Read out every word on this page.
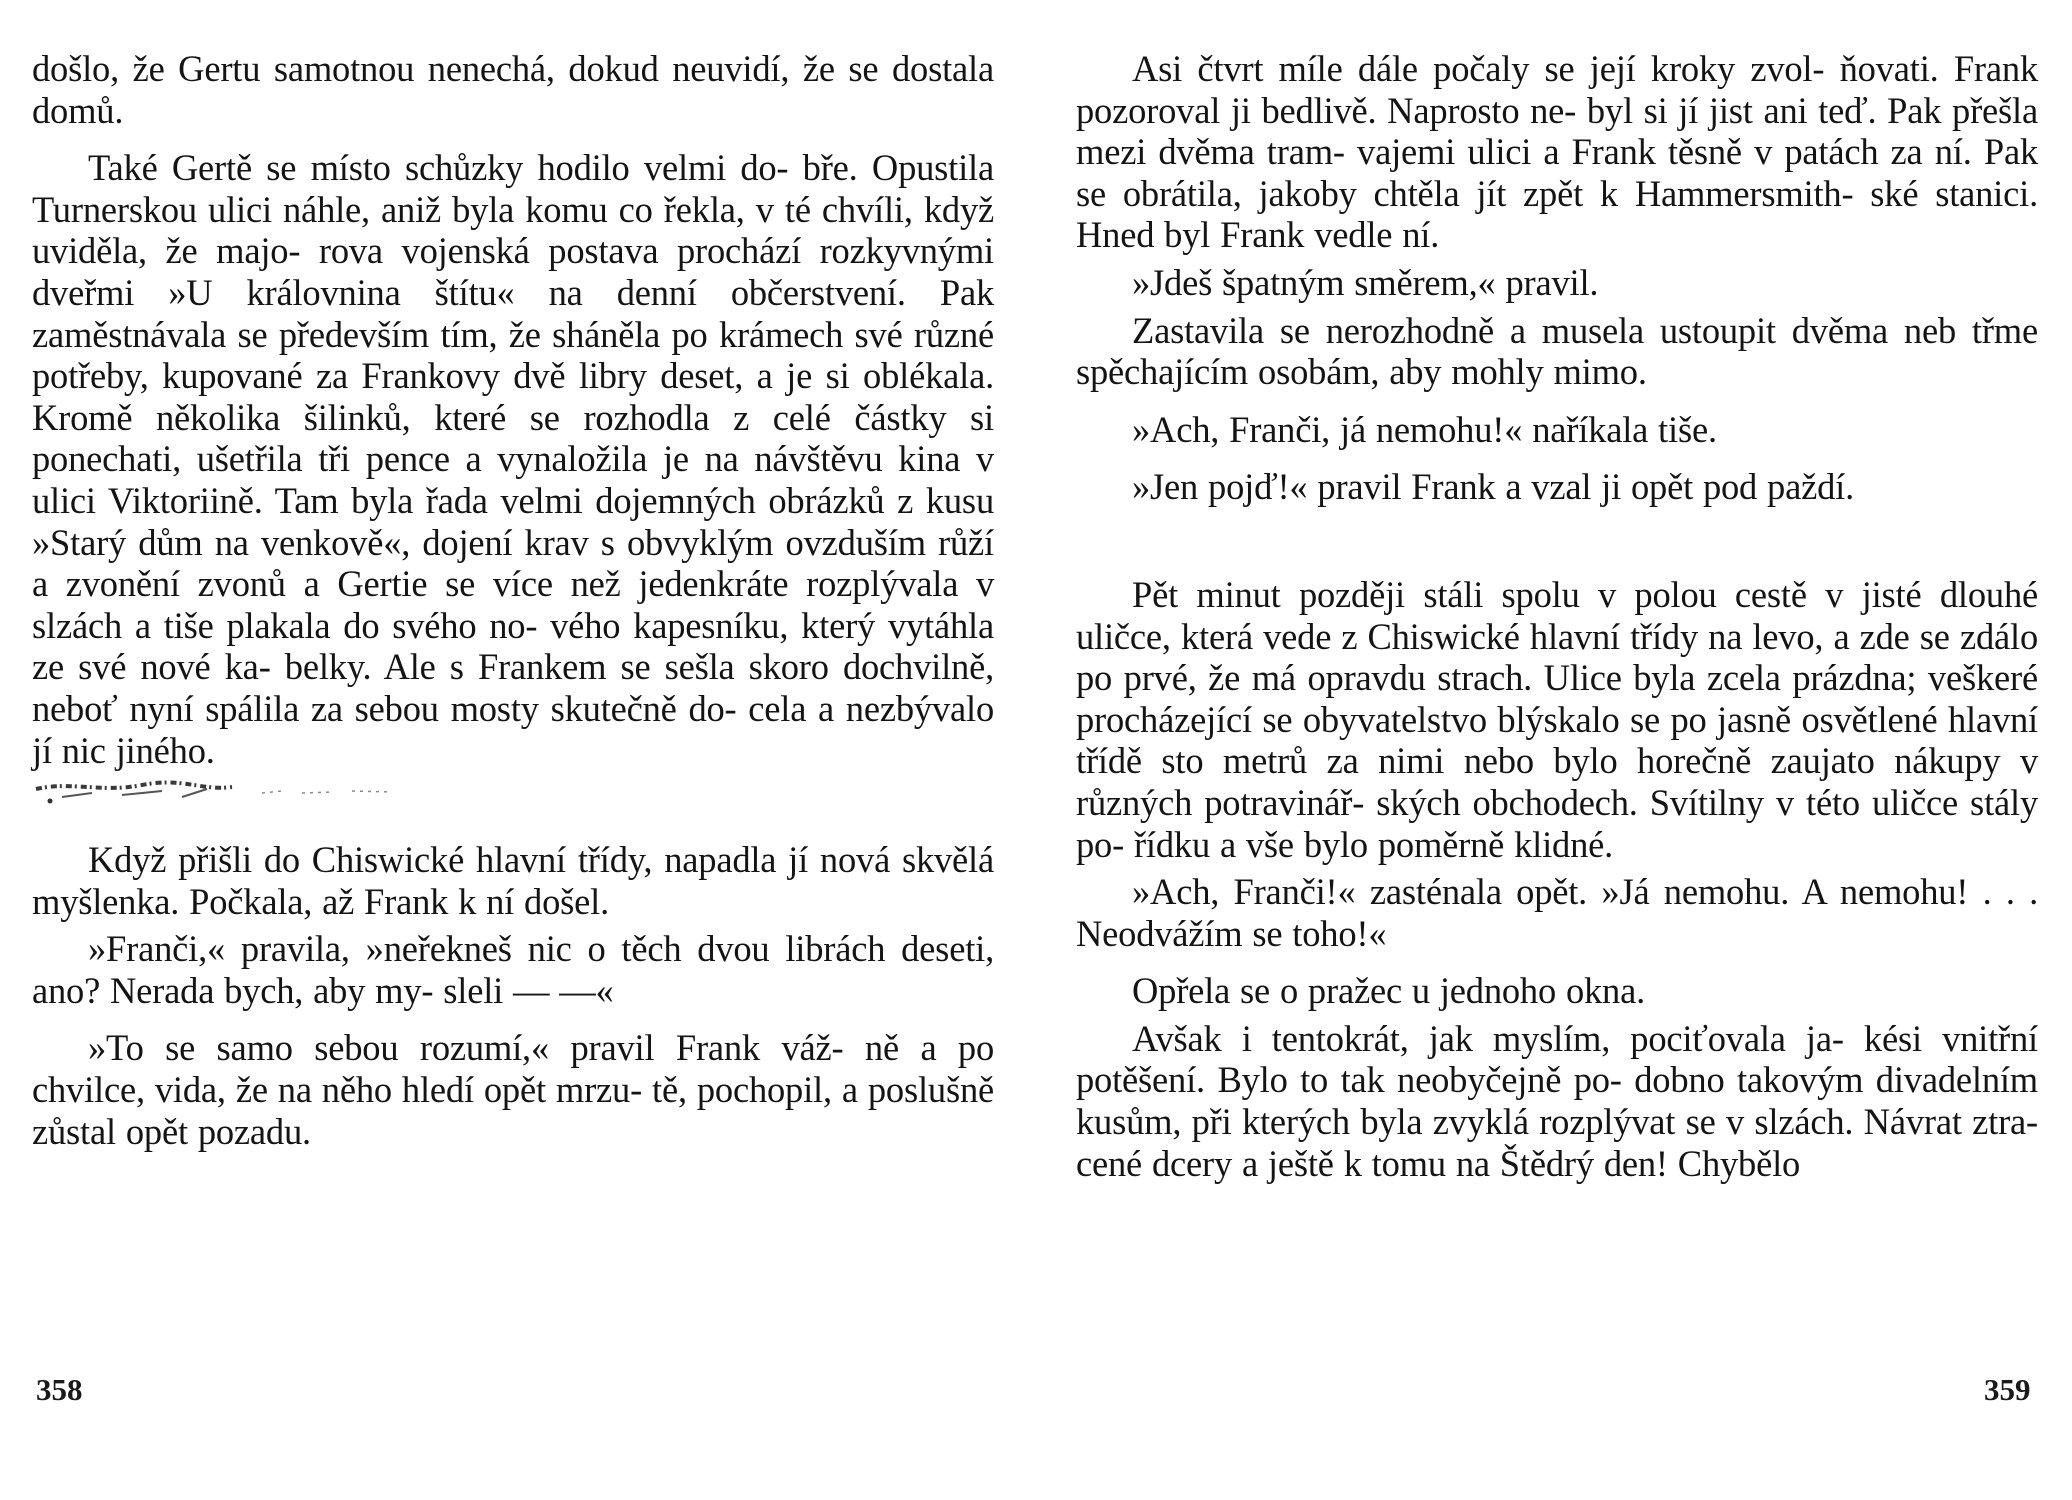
došlo, že Gertu samotnou nenechá, dokud neuvidí, že se dostala domů.

Také Gertě se místo schůzky hodilo velmi do- bře. Opustila Turnerskou ulici náhle, aniž byla komu co řekla, v té chvíli, když uviděla, že majo- rova vojenská postava prochází rozkyvnými dveřmi »U královnina štítu« na denní občerstvení. Pak zaměstnávala se především tím, že sháněla po krámech své různé potřeby, kupované za Frankovy dvě libry deset, a je si oblékala. Kromě několika šilinků, které se rozhodla z celé částky si ponechati, ušetřila tři pence a vynaložila je na návštěvu kina v ulici Viktoriině. Tam byla řada velmi dojemných obrázků z kusu »Starý dům na venkově«, dojení krav s obvyklým ovzduším růží a zvonění zvonů a Gertie se více než jedenkráte rozplývala v slzách a tiše plakala do svého no- vého kapesníku, který vytáhla ze své nové ka- belky. Ale s Frankem se sešla skoro dochvilně, neboť nyní spálila za sebou mosty skutečně do- cela a nezbývalo jí nic jiného.

Když přišli do Chiswické hlavní třídy, napadla jí nová skvělá myšlenka. Počkala, až Frank k ní došel.

»Franči,« pravila, »neřekneš nic o těch dvou librách deseti, ano? Nerada bych, aby my- sleli — —«

»To se samo sebou rozumí,« pravil Frank váž- ně a po chvilce, vida, že na něho hledí opět mrzu- tě, pochopil, a poslušně zůstal opět pozadu.

Asi čtvrt míle dále počaly se její kroky zvol- ňovati. Frank pozoroval ji bedlivě. Naprosto ne- byl si jí jist ani teď. Pak přešla mezi dvěma tram- vajemi ulici a Frank těsně v patách za ní. Pak se obrátila, jakoby chtěla jít zpět k Hammersmith- ské stanici. Hned byl Frank vedle ní.

»Jdeš špatným směrem,« pravil.

Zastavila se nerozhodně a musela ustoupit dvěma neb třme spěchajícím osobám, aby mohly mimo.

»Ach, Franči, já nemohu!« naříkala tiše.

»Jen pojď!« pravil Frank a vzal ji opět pod paždí.

Pět minut později stáli spolu v polou cestě v jisté dlouhé uličce, která vede z Chiswické hlavní třídy na levo, a zde se zdálo po prvé, že má opravdu strach. Ulice byla zcela prázdna; veškeré procházející se obyvatelstvo blýskalo se po jasně osvětlené hlavní třídě sto metrů za nimi nebo bylo horečně zaujato nákupy v různých potravinář- ských obchodech. Svítilny v této uličce stály po- řídku a vše bylo poměrně klidné.

»Ach, Franči!« zasténala opět. »Já nemohu. A nemohu! . . . Neodvážím se toho!«

Opřela se o pražec u jednoho okna.

Avšak i tentokrát, jak myslím, pociťovala ja- kési vnitřní potěšení. Bylo to tak neobyčejně po- dobno takovým divadelním kusům, při kterých byla zvyklá rozplývat se v slzách. Návrat ztra- cené dcery a ještě k tomu na Štědrý den! Chybělo

358	359
